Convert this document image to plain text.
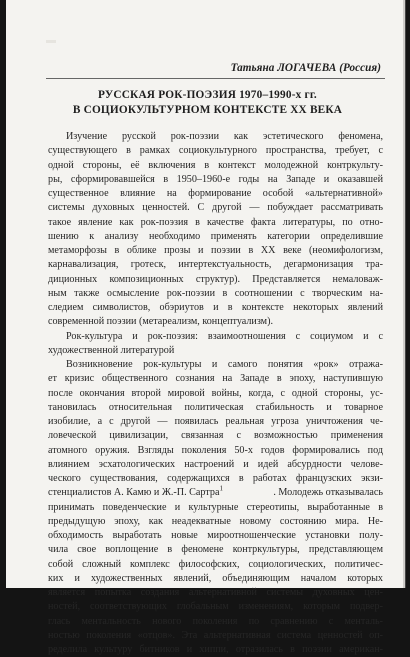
Татьяна ЛОГАЧЕВА (Россия)
РУССКАЯ РОК-ПОЭЗИЯ 1970–1990-х гг.
В СОЦИОКУЛЬТУРНОМ КОНТЕКСТЕ ХХ ВЕКА
Изучение русской рок-поэзии как эстетического феномена,
существующего в рамках социокультурного пространства, требует, с
одной стороны, её включения в контекст молодежной контркульту-
ры, сформировавшейся в 1950–1960-е годы на Западе и оказавшей
существенное влияние на формирование особой «альтернативной»
системы духовных ценностей. С другой — побуждает рассматривать
такое явление как рок-поэзия в качестве факта литературы, по отно-
шению к анализу необходимо применять категории определившие
метаморфозы в облике прозы и поэзии в ХХ веке (неомифологизм,
карнавализация, гротеск, интертекстуальность, дегармонизация тра-
диционных композиционных структур). Представляется немаловаж-
ным также осмысление рок-поэзии в соотношении с творческим на-
следием символистов, обэриутов и в контексте некоторых явлений
современной поэзии (метареализм, концептуализм).
Рок-культура и рок-поэзия: взаимоотношения с социумом и с
художественной литературой
Возникновение рок-культуры и самого понятия «рок» отража-
ет кризис общественного сознания на Западе в эпоху, наступившую
после окончания второй мировой войны, когда, с одной стороны, ус-
тановилась относительная политическая стабильность и товарное
изобилие, а с другой — появилась реальная угроза уничтожения че-
ловеческой цивилизации, связанная с возможностью применения
атомного оружия. Взгляды поколения 50-х годов формировались под
влиянием эсхатологических настроений и идей абсурдности челове-
ческого существования, содержащихся в работах французских экзи-
стенциалистов А. Камю и Ж.-П. Сартра$^1$	. Молодежь отказывалась
принимать поведенческие и культурные стереотипы, выработанные в
предыдущую эпоху, как неадекватные новому состоянию мира. Не-
обходимость выработать новые мироотношенческие установки полу-
чила свое воплощение в феномене контркультуры, представляющем
собой сложный комплекс философских, социологических, политичес-
ких и художественных явлений, объединяющим началом которых
является попытка создания альтернативной системы духовных цен-
ностей, соответствующих глобальным изменениям, которым подвер-
глась ментальность нового поколения по сравнению с менталь-
ностью поколения «отцов». Эта альтернативная система ценностей оп-
ределила культуру битников и хиппи, отразилась в поэзии американ-
